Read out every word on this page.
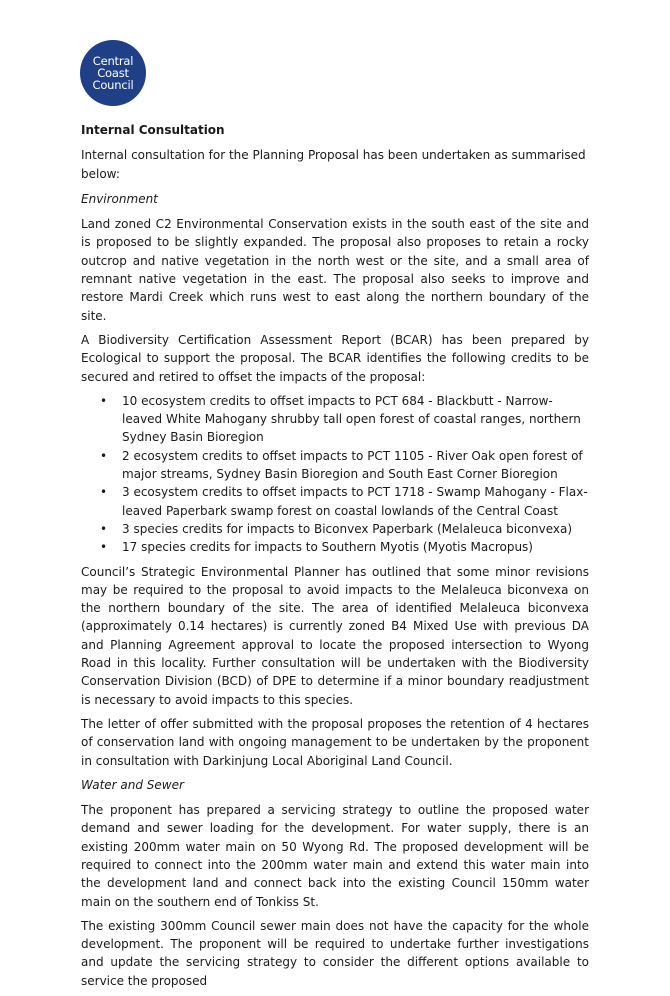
Central
Coast
Council

Internal Consultation

Internal consultation for the Planning Proposal has been undertaken as summarised below:

Environment

Land zoned C2 Environmental Conservation exists in the south east of the site and is proposed to be slightly expanded. The proposal also proposes to retain a rocky outcrop and native vegetation in the north west or the site, and a small area of remnant native vegetation in the east. The proposal also seeks to improve and restore Mardi Creek which runs west to east along the northern boundary of the site.

A Biodiversity Certification Assessment Report (BCAR) has been prepared by Ecological to support the proposal. The BCAR identifies the following credits to be secured and retired to offset the impacts of the proposal:

• 10 ecosystem credits to offset impacts to PCT 684 - Blackbutt - Narrow-leaved White Mahogany shrubby tall open forest of coastal ranges, northern Sydney Basin Bioregion
• 2 ecosystem credits to offset impacts to PCT 1105 - River Oak open forest of major streams, Sydney Basin Bioregion and South East Corner Bioregion
• 3 ecosystem credits to offset impacts to PCT 1718 - Swamp Mahogany - Flax-leaved Paperbark swamp forest on coastal lowlands of the Central Coast
• 3 species credits for impacts to Biconvex Paperbark (Melaleuca biconvexa)
• 17 species credits for impacts to Southern Myotis (Myotis Macropus)

Council’s Strategic Environmental Planner has outlined that some minor revisions may be required to the proposal to avoid impacts to the Melaleuca biconvexa on the northern boundary of the site. The area of identified Melaleuca biconvexa (approximately 0.14 hectares) is currently zoned B4 Mixed Use with previous DA and Planning Agreement approval to locate the proposed intersection to Wyong Road in this locality. Further consultation will be undertaken with the Biodiversity Conservation Division (BCD) of DPE to determine if a minor boundary readjustment is necessary to avoid impacts to this species.

The letter of offer submitted with the proposal proposes the retention of 4 hectares of conservation land with ongoing management to be undertaken by the proponent in consultation with Darkinjung Local Aboriginal Land Council.

Water and Sewer

The proponent has prepared a servicing strategy to outline the proposed water demand and sewer loading for the development. For water supply, there is an existing 200mm water main on 50 Wyong Rd. The proposed development will be required to connect into the 200mm water main and extend this water main into the development land and connect back into the existing Council 150mm water main on the southern end of Tonkiss St.

The existing 300mm Council sewer main does not have the capacity for the whole development. The proponent will be required to undertake further investigations and update the servicing strategy to consider the different options available to service the proposed
